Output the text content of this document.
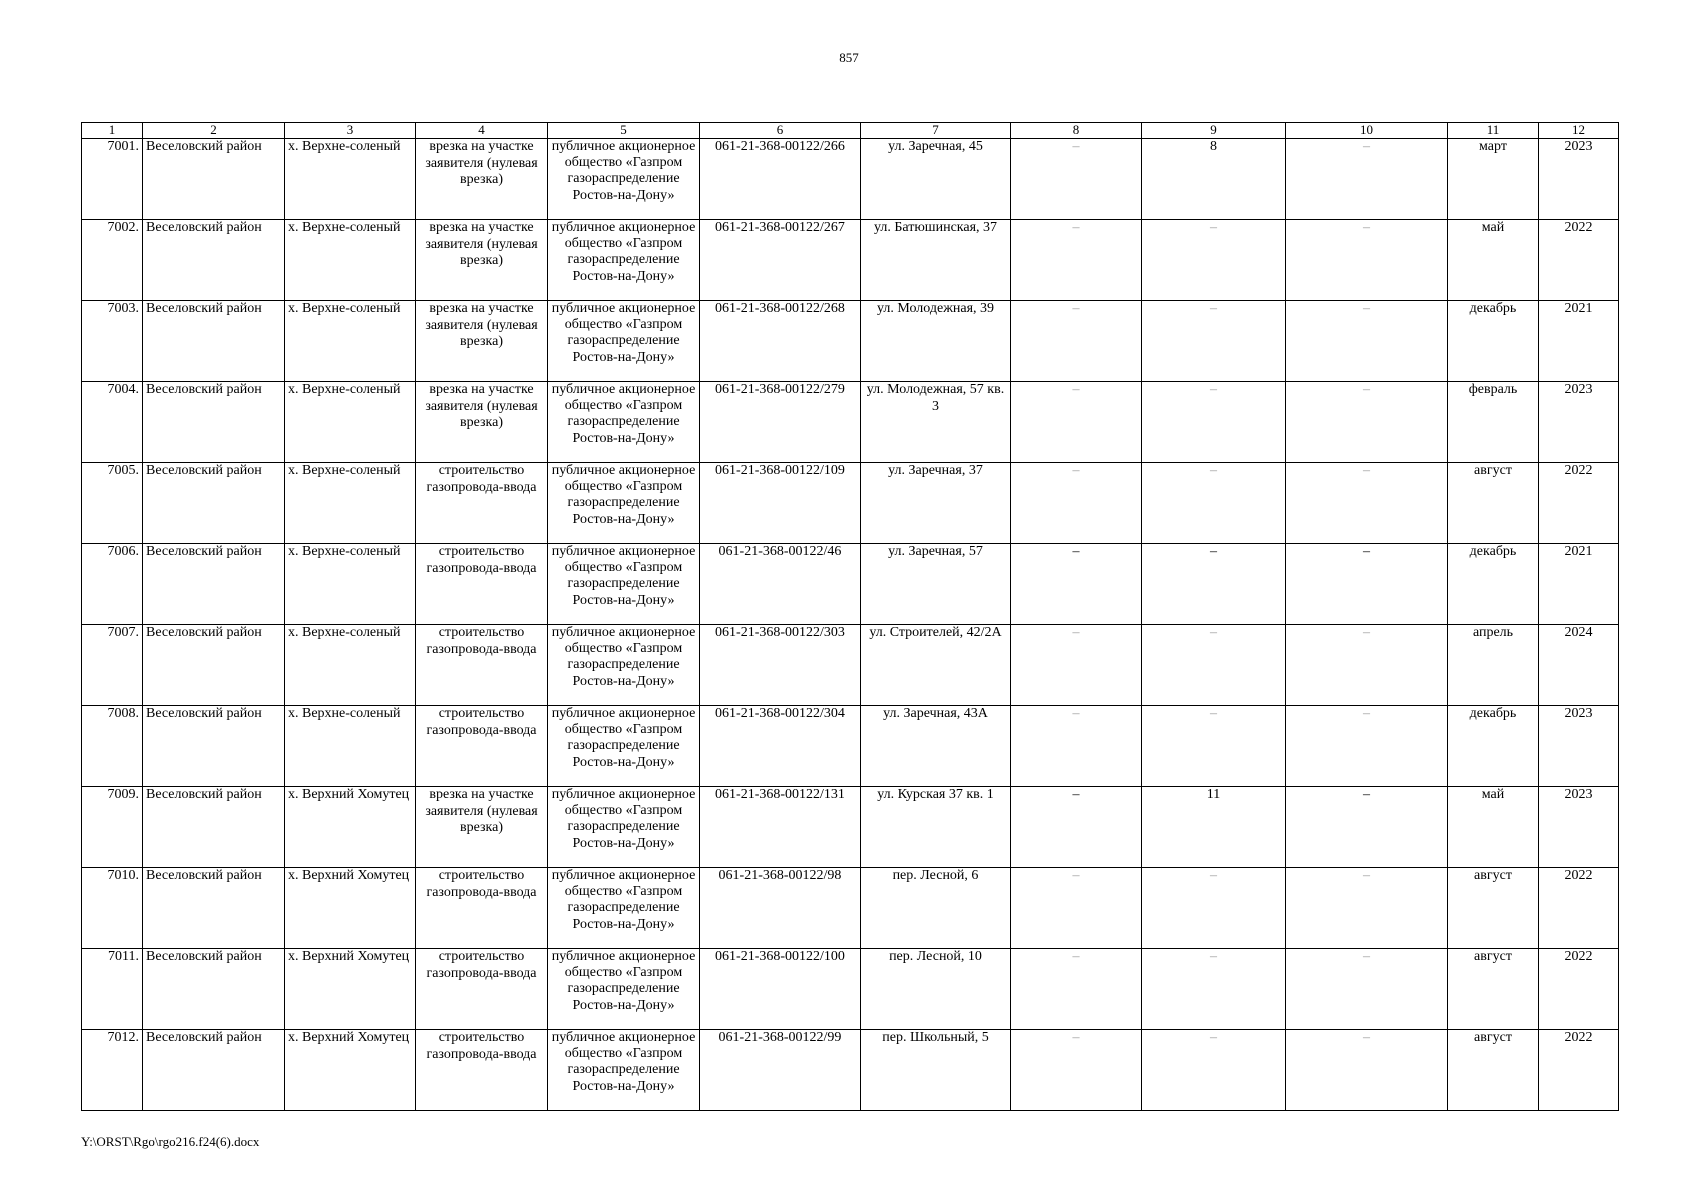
857
1	2	3	4	5	6	7	8	9	10	11	12
7001.	Веселовский район	х. Верхне-соленый	врезка на участке заявителя (нулевая врезка)	публичное акционерное общество «Газпром газораспределение Ростов-на-Дону»	061-21-368-00122/266	ул. Заречная, 45	–	8	–	март	2023
7002.	Веселовский район	х. Верхне-соленый	врезка на участке заявителя (нулевая врезка)	публичное акционерное общество «Газпром газораспределение Ростов-на-Дону»	061-21-368-00122/267	ул. Батюшинская, 37	–	–	–	май	2022
7003.	Веселовский район	х. Верхне-соленый	врезка на участке заявителя (нулевая врезка)	публичное акционерное общество «Газпром газораспределение Ростов-на-Дону»	061-21-368-00122/268	ул. Молодежная, 39	–	–	–	декабрь	2021
7004.	Веселовский район	х. Верхне-соленый	врезка на участке заявителя (нулевая врезка)	публичное акционерное общество «Газпром газораспределение Ростов-на-Дону»	061-21-368-00122/279	ул. Молодежная, 57 кв. 3	–	–	–	февраль	2023
7005.	Веселовский район	х. Верхне-соленый	строительство газопровода-ввода	публичное акционерное общество «Газпром газораспределение Ростов-на-Дону»	061-21-368-00122/109	ул. Заречная, 37	–	–	–	август	2022
7006.	Веселовский район	х. Верхне-соленый	строительство газопровода-ввода	публичное акционерное общество «Газпром газораспределение Ростов-на-Дону»	061-21-368-00122/46	ул. Заречная, 57	–	–	–	декабрь	2021
7007.	Веселовский район	х. Верхне-соленый	строительство газопровода-ввода	публичное акционерное общество «Газпром газораспределение Ростов-на-Дону»	061-21-368-00122/303	ул. Строителей, 42/2А	–	–	–	апрель	2024
7008.	Веселовский район	х. Верхне-соленый	строительство газопровода-ввода	публичное акционерное общество «Газпром газораспределение Ростов-на-Дону»	061-21-368-00122/304	ул. Заречная, 43А	–	–	–	декабрь	2023
7009.	Веселовский район	х. Верхний Хомутец	врезка на участке заявителя (нулевая врезка)	публичное акционерное общество «Газпром газораспределение Ростов-на-Дону»	061-21-368-00122/131	ул. Курская 37 кв. 1	–	11	–	май	2023
7010.	Веселовский район	х. Верхний Хомутец	строительство газопровода-ввода	публичное акционерное общество «Газпром газораспределение Ростов-на-Дону»	061-21-368-00122/98	пер. Лесной, 6	–	–	–	август	2022
7011.	Веселовский район	х. Верхний Хомутец	строительство газопровода-ввода	публичное акционерное общество «Газпром газораспределение Ростов-на-Дону»	061-21-368-00122/100	пер. Лесной, 10	–	–	–	август	2022
7012.	Веселовский район	х. Верхний Хомутец	строительство газопровода-ввода	публичное акционерное общество «Газпром газораспределение Ростов-на-Дону»	061-21-368-00122/99	пер. Школьный, 5	–	–	–	август	2022
Y:\ORST\Rgo\rgo216.f24(6).docx
